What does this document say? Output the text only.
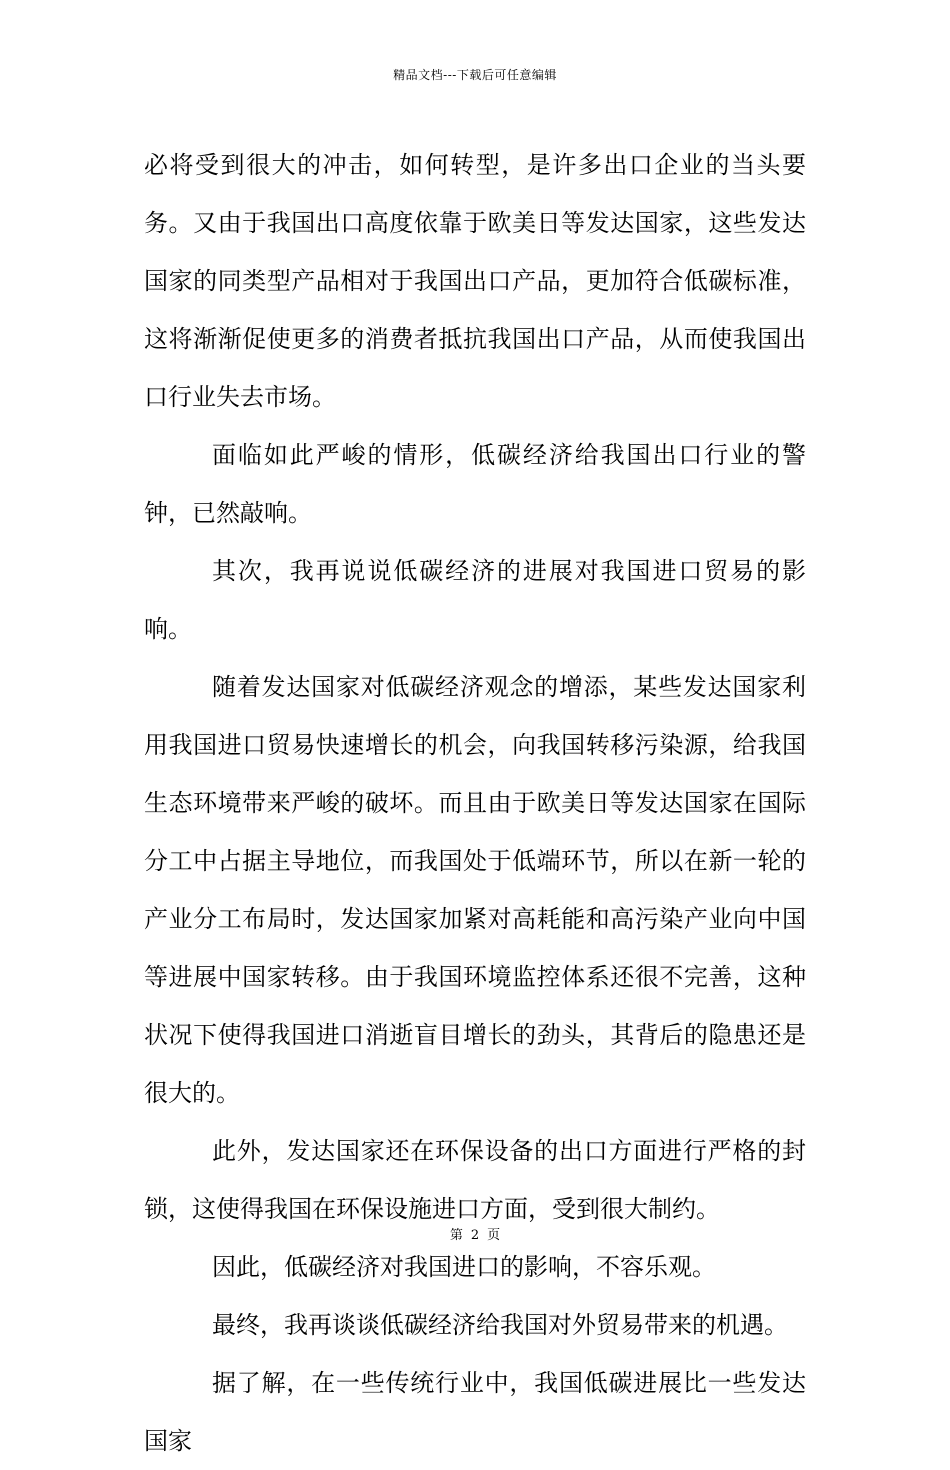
精品文档---下载后可任意编辑

必将受到很大的冲击，如何转型，是许多出口企业的当头要务。又由于我国出口高度依靠于欧美日等发达国家，这些发达国家的同类型产品相对于我国出口产品，更加符合低碳标准，这将渐渐促使更多的消费者抵抗我国出口产品，从而使我国出口行业失去市场。

面临如此严峻的情形，低碳经济给我国出口行业的警钟，已然敲响。

其次，我再说说低碳经济的进展对我国进口贸易的影响。

随着发达国家对低碳经济观念的增添，某些发达国家利用我国进口贸易快速增长的机会，向我国转移污染源，给我国生态环境带来严峻的破坏。而且由于欧美日等发达国家在国际分工中占据主导地位，而我国处于低端环节，所以在新一轮的产业分工布局时，发达国家加紧对高耗能和高污染产业向中国等进展中国家转移。由于我国环境监控体系还很不完善，这种状况下使得我国进口消逝盲目增长的劲头，其背后的隐患还是很大的。

此外，发达国家还在环保设备的出口方面进行严格的封锁，这使得我国在环保设施进口方面，受到很大制约。

因此，低碳经济对我国进口的影响，不容乐观。

最终，我再谈谈低碳经济给我国对外贸易带来的机遇。

据了解，在一些传统行业中，我国低碳进展比一些发达国家

第 2 页
